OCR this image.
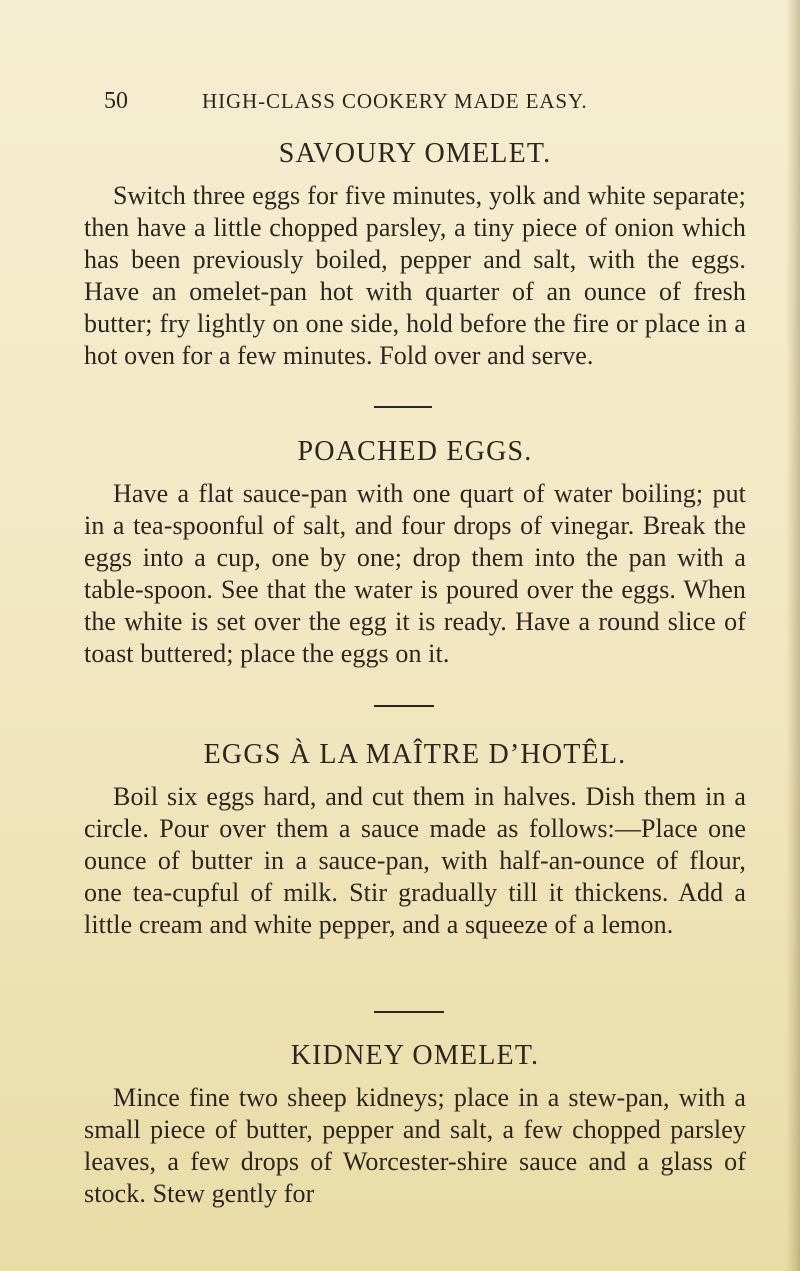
50	HIGH-CLASS COOKERY MADE EASY.
SAVOURY OMELET.

Switch three eggs for five minutes, yolk and white separate; then have a little chopped parsley, a tiny piece of onion which has been previously boiled, pepper and salt, with the eggs. Have an omelet-pan hot with quarter of an ounce of fresh butter; fry lightly on one side, hold before the fire or place in a hot oven for a few minutes. Fold over and serve.

POACHED EGGS.

Have a flat sauce-pan with one quart of water boiling; put in a tea-spoonful of salt, and four drops of vinegar. Break the eggs into a cup, one by one; drop them into the pan with a table-spoon. See that the water is poured over the eggs. When the white is set over the egg it is ready. Have a round slice of toast buttered; place the eggs on it.

EGGS À LA MAÎTRE D’HOTÊL.

Boil six eggs hard, and cut them in halves. Dish them in a circle. Pour over them a sauce made as follows:—Place one ounce of butter in a sauce-pan, with half-an-ounce of flour, one tea-cupful of milk. Stir gradually till it thickens. Add a little cream and white pepper, and a squeeze of a lemon.

KIDNEY OMELET.

Mince fine two sheep kidneys; place in a stew-pan, with a small piece of butter, pepper and salt, a few chopped parsley leaves, a few drops of Worcester-shire sauce and a glass of stock. Stew gently for
